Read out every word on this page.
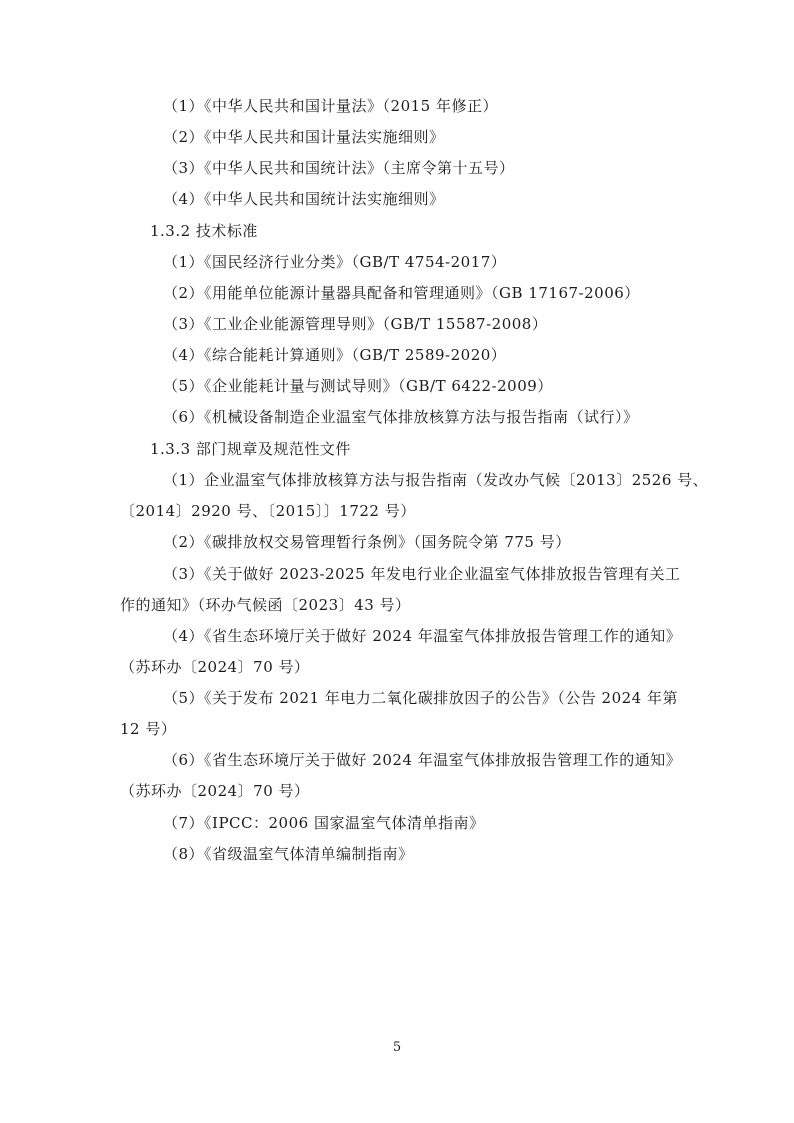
（1）《中华人民共和国计量法》（2015 年修正）
（2）《中华人民共和国计量法实施细则》
（3）《中华人民共和国统计法》（主席令第十五号）
（4）《中华人民共和国统计法实施细则》
1.3.2 技术标准
（1）《国民经济行业分类》（GB/T 4754-2017）
（2）《用能单位能源计量器具配备和管理通则》（GB 17167-2006）
（3）《工业企业能源管理导则》（GB/T 15587-2008）
（4）《综合能耗计算通则》（GB/T 2589-2020）
（5）《企业能耗计量与测试导则》（GB/T 6422-2009）
（6）《机械设备制造企业温室气体排放核算方法与报告指南（试行）》
1.3.3 部门规章及规范性文件
（1）企业温室气体排放核算方法与报告指南（发改办气候〔2013〕2526 号、
〔2014〕2920 号、〔2015〕〕1722 号）
（2）《碳排放权交易管理暂行条例》（国务院令第 775 号）
（3）《关于做好 2023-2025 年发电行业企业温室气体排放报告管理有关工
作的通知》（环办气候函〔2023〕43 号）
（4）《省生态环境厅关于做好 2024 年温室气体排放报告管理工作的通知》
（苏环办〔2024〕70 号）
（5）《关于发布 2021 年电力二氧化碳排放因子的公告》（公告 2024 年第
12 号）
（6）《省生态环境厅关于做好 2024 年温室气体排放报告管理工作的通知》
（苏环办〔2024〕70 号）
（7）《IPCC：2006 国家温室气体清单指南》
（8）《省级温室气体清单编制指南》
5
